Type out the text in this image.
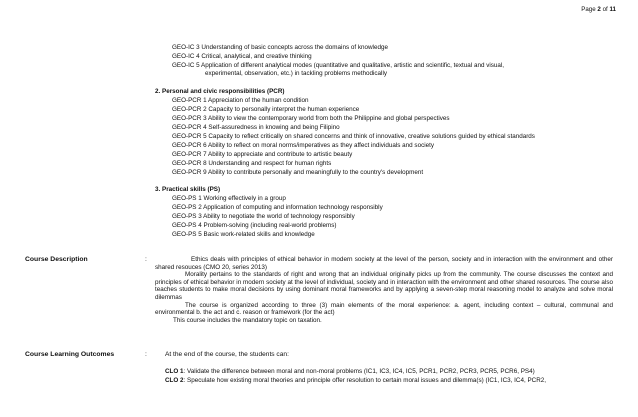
Page 2 of 11
GEO-IC 3 Understanding of basic concepts across the domains of knowledge
GEO-IC 4 Critical, analytical, and creative thinking
GEO-IC 5 Application of different analytical modes (quantitative and qualitative, artistic and scientific, textual and visual,
experimental, observation, etc.) in tackling problems methodically
2. Personal and civic responsibilities (PCR)
GEO-PCR 1 Appreciation of the human condition
GEO-PCR 2 Capacity to personally interpret the human experience
GEO-PCR 3 Ability to view the contemporary world from both the Philippine and global perspectives
GEO-PCR 4 Self-assuredness in knowing and being Filipino
GEO-PCR 5 Capacity to reflect critically on shared concerns and think of innovative, creative solutions guided by ethical standards
GEO-PCR 6 Ability to reflect on moral norms/imperatives as they affect individuals and society
GEO-PCR 7 Ability to appreciate and contribute to artistic beauty
GEO-PCR 8 Understanding and respect for human rights
GEO-PCR 9 Ability to contribute personally and meaningfully to the country's development
3. Practical skills (PS)
GEO-PS 1 Working effectively in a group
GEO-PS 2 Application of computing and information technology responsibly
GEO-PS 3 Ability to negotiate the world of technology responsibly
GEO-PS 4 Problem-solving (including real-world problems)
GEO-PS 5 Basic work-related skills and knowledge
Course Description	:	Ethics deals with principles of ethical behavior in modern society at the level of the person, society and in interaction with the environment and other shared resouces (CMO 20, series 2013)

Morality pertains to the standards of right and wrong that an individual originally picks up from the community. The course discusses the context and principles of ethical behavior in modern society at the level of individual, society and in interaction with the environment and other shared resources. The course also teaches students to make moral decisions by using dominant moral frameworks and by applying a seven-step moral reasoning model to analyze and solve moral dilemmas

The course is organized according to three (3) main elements of the moral experience: a. agent, including context – cultural, communal and environmental b. the act and c. reason or framework (for the act)

This course includes the mandatory topic on taxation.

Course Learning Outcomes	:	At the end of the course, the students can:
CLO 1: Validate the difference between moral and non-moral problems (IC1, IC3, IC4, IC5, PCR1, PCR2, PCR3, PCR5, PCR6, PS4)
CLO 2: Speculate how existing moral theories and principle offer resolution to certain moral issues and dilemma(s) (IC1, IC3, IC4, PCR2,
